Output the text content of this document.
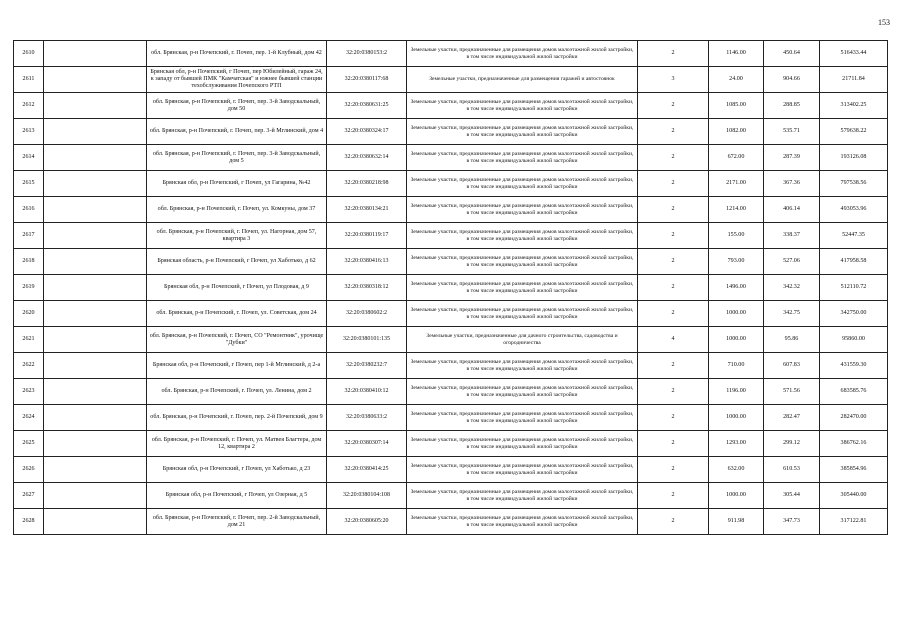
153
2610		обл. Брянская, р-н Почепский, г. Почеп, пер. 1-й Клубный, дом 42	32:20:0380153:2	Земельные участки, предназначенные для размещения домов малоэтажной жилой застройки, в том числе индивидуальной жилой застройки	2	1146.00	450.64	516433.44
2611		Брянская обл, р-н Почепский, г Почеп, пер Юбилейный, гараж 24, к западу от бывшей ПМК "Камчатская" и южнее бывшей станции техобслуживания Почепского РТП	32:20:0380117:68	Земельные участки, предназначенные для размещения гаражей и автостоянок	3	24.00	904.66	21711.84
2612		обл. Брянская, р-н Почепский, г. Почеп, пер. 3-й Заводскальный, дом 50	32:20:0380631:25	Земельные участки, предназначенные для размещения домов малоэтажной жилой застройки, в том числе индивидуальной жилой застройки	2	1085.00	288.85	313402.25
2613		обл. Брянская, р-н Почепский, г. Почеп, пер. 3-й Мглинский, дом 4	32:20:0380324:17	Земельные участки, предназначенные для размещения домов малоэтажной жилой застройки, в том числе индивидуальной жилой застройки	2	1082.00	535.71	579638.22
2614		обл. Брянская, р-н Почепский, г. Почеп, пер. 3-й Заводскальный, дом 5	32:20:0380632:14	Земельные участки, предназначенные для размещения домов малоэтажной жилой застройки, в том числе индивидуальной жилой застройки	2	672.00	287.39	193126.08
2615		Брянская обл, р-н Почепский, г Почеп, ул Гагарина, №42	32:20:0380218:98	Земельные участки, предназначенные для размещения домов малоэтажной жилой застройки, в том числе индивидуальной жилой застройки	2	2171.00	367.36	797538.56
2616		обл. Брянская, р-н Почепский, г. Почеп, ул. Комкуны, дом 37	32:20:0380134:21	Земельные участки, предназначенные для размещения домов малоэтажной жилой застройки, в том числе индивидуальной жилой застройки	2	1214.00	406.14	493053.96
2617		обл. Брянская, р-н Почепский, г. Почеп, ул. Нагорная, дом 57, квартира 3	32:20:0380119:17	Земельные участки, предназначенные для размещения домов малоэтажной жилой застройки, в том числе индивидуальной жилой застройки	2	155.00	338.37	52447.35
2618		Брянская область, р-н Почепский, г Почеп, ул Хаботько, д 62	32:20:0380416:13	Земельные участки, предназначенные для размещения домов малоэтажной жилой застройки, в том числе индивидуальной жилой застройки	2	793.00	527.06	417958.58
2619		Брянская обл, р-н Почепский, г Почеп, ул Плодовая, д 9	32:20:0380318:12	Земельные участки, предназначенные для размещения домов малоэтажной жилой застройки, в том числе индивидуальной жилой застройки	2	1496.00	342.32	512110.72
2620		обл. Брянская, р-н Почепский, г. Почеп, ул. Советская, дом 24	32:20:0380602:2	Земельные участки, предназначенные для размещения домов малоэтажной жилой застройки, в том числе индивидуальной жилой застройки	2	1000.00	342.75	342750.00
2621		обл. Брянская, р-н Почепский, г. Почеп, СО "Ремонтник", урочище "Дубки"	32:20:0380101:135	Земельные участки, предназначенные для дачного строительства, садоводства и огородничества	4	1000.00	95.86	95860.00
2622		Брянская обл, р-н Почепский, г Почеп, пер 1-й Мглинский, д 2-а	32:20:0380232:7	Земельные участки, предназначенные для размещения домов малоэтажной жилой застройки, в том числе индивидуальной жилой застройки	2	710.00	607.83	431559.30
2623		обл. Брянская, р-н Почепский, г. Почеп, ул. Ленина, дом 2	32:20:0380410:12	Земельные участки, предназначенные для размещения домов малоэтажной жилой застройки, в том числе индивидуальной жилой застройки	2	1196.00	571.56	683585.76
2624		обл. Брянская, р-н Почепский, г. Почеп, пер. 2-й Почепский, дом 9	32:20:0380633:2	Земельные участки, предназначенные для размещения домов малоэтажной жилой застройки, в том числе индивидуальной жилой застройки	2	1000.00	282.47	282470.00
2625		обл. Брянская, р-н Почепский, г. Почеп, ул. Матвея Благтера, дом 12, квартира 2	32:20:0380307:14	Земельные участки, предназначенные для размещения домов малоэтажной жилой застройки, в том числе индивидуальной жилой застройки	2	1293.00	299.12	386762.16
2626		Брянская обл, р-н Почепский, г Почеп, ул Хаботько, д 23	32:20:0380414:25	Земельные участки, предназначенные для размещения домов малоэтажной жилой застройки, в том числе индивидуальной жилой застройки	2	632.00	610.53	385854.96
2627		Брянская обл, р-н Почепский, г Почеп, ул Озерная, д 5	32:20:0380104:108	Земельные участки, предназначенные для размещения домов малоэтажной жилой застройки, в том числе индивидуальной жилой застройки	2	1000.00	305.44	305440.00
2628		обл. Брянская, р-н Почепский, г. Почеп, пер. 2-й Заводскальный, дом 21	32:20:0380605:20	Земельные участки, предназначенные для размещения домов малоэтажной жилой застройки, в том числе индивидуальной жилой застройки	2	911.98	347.73	317122.81
